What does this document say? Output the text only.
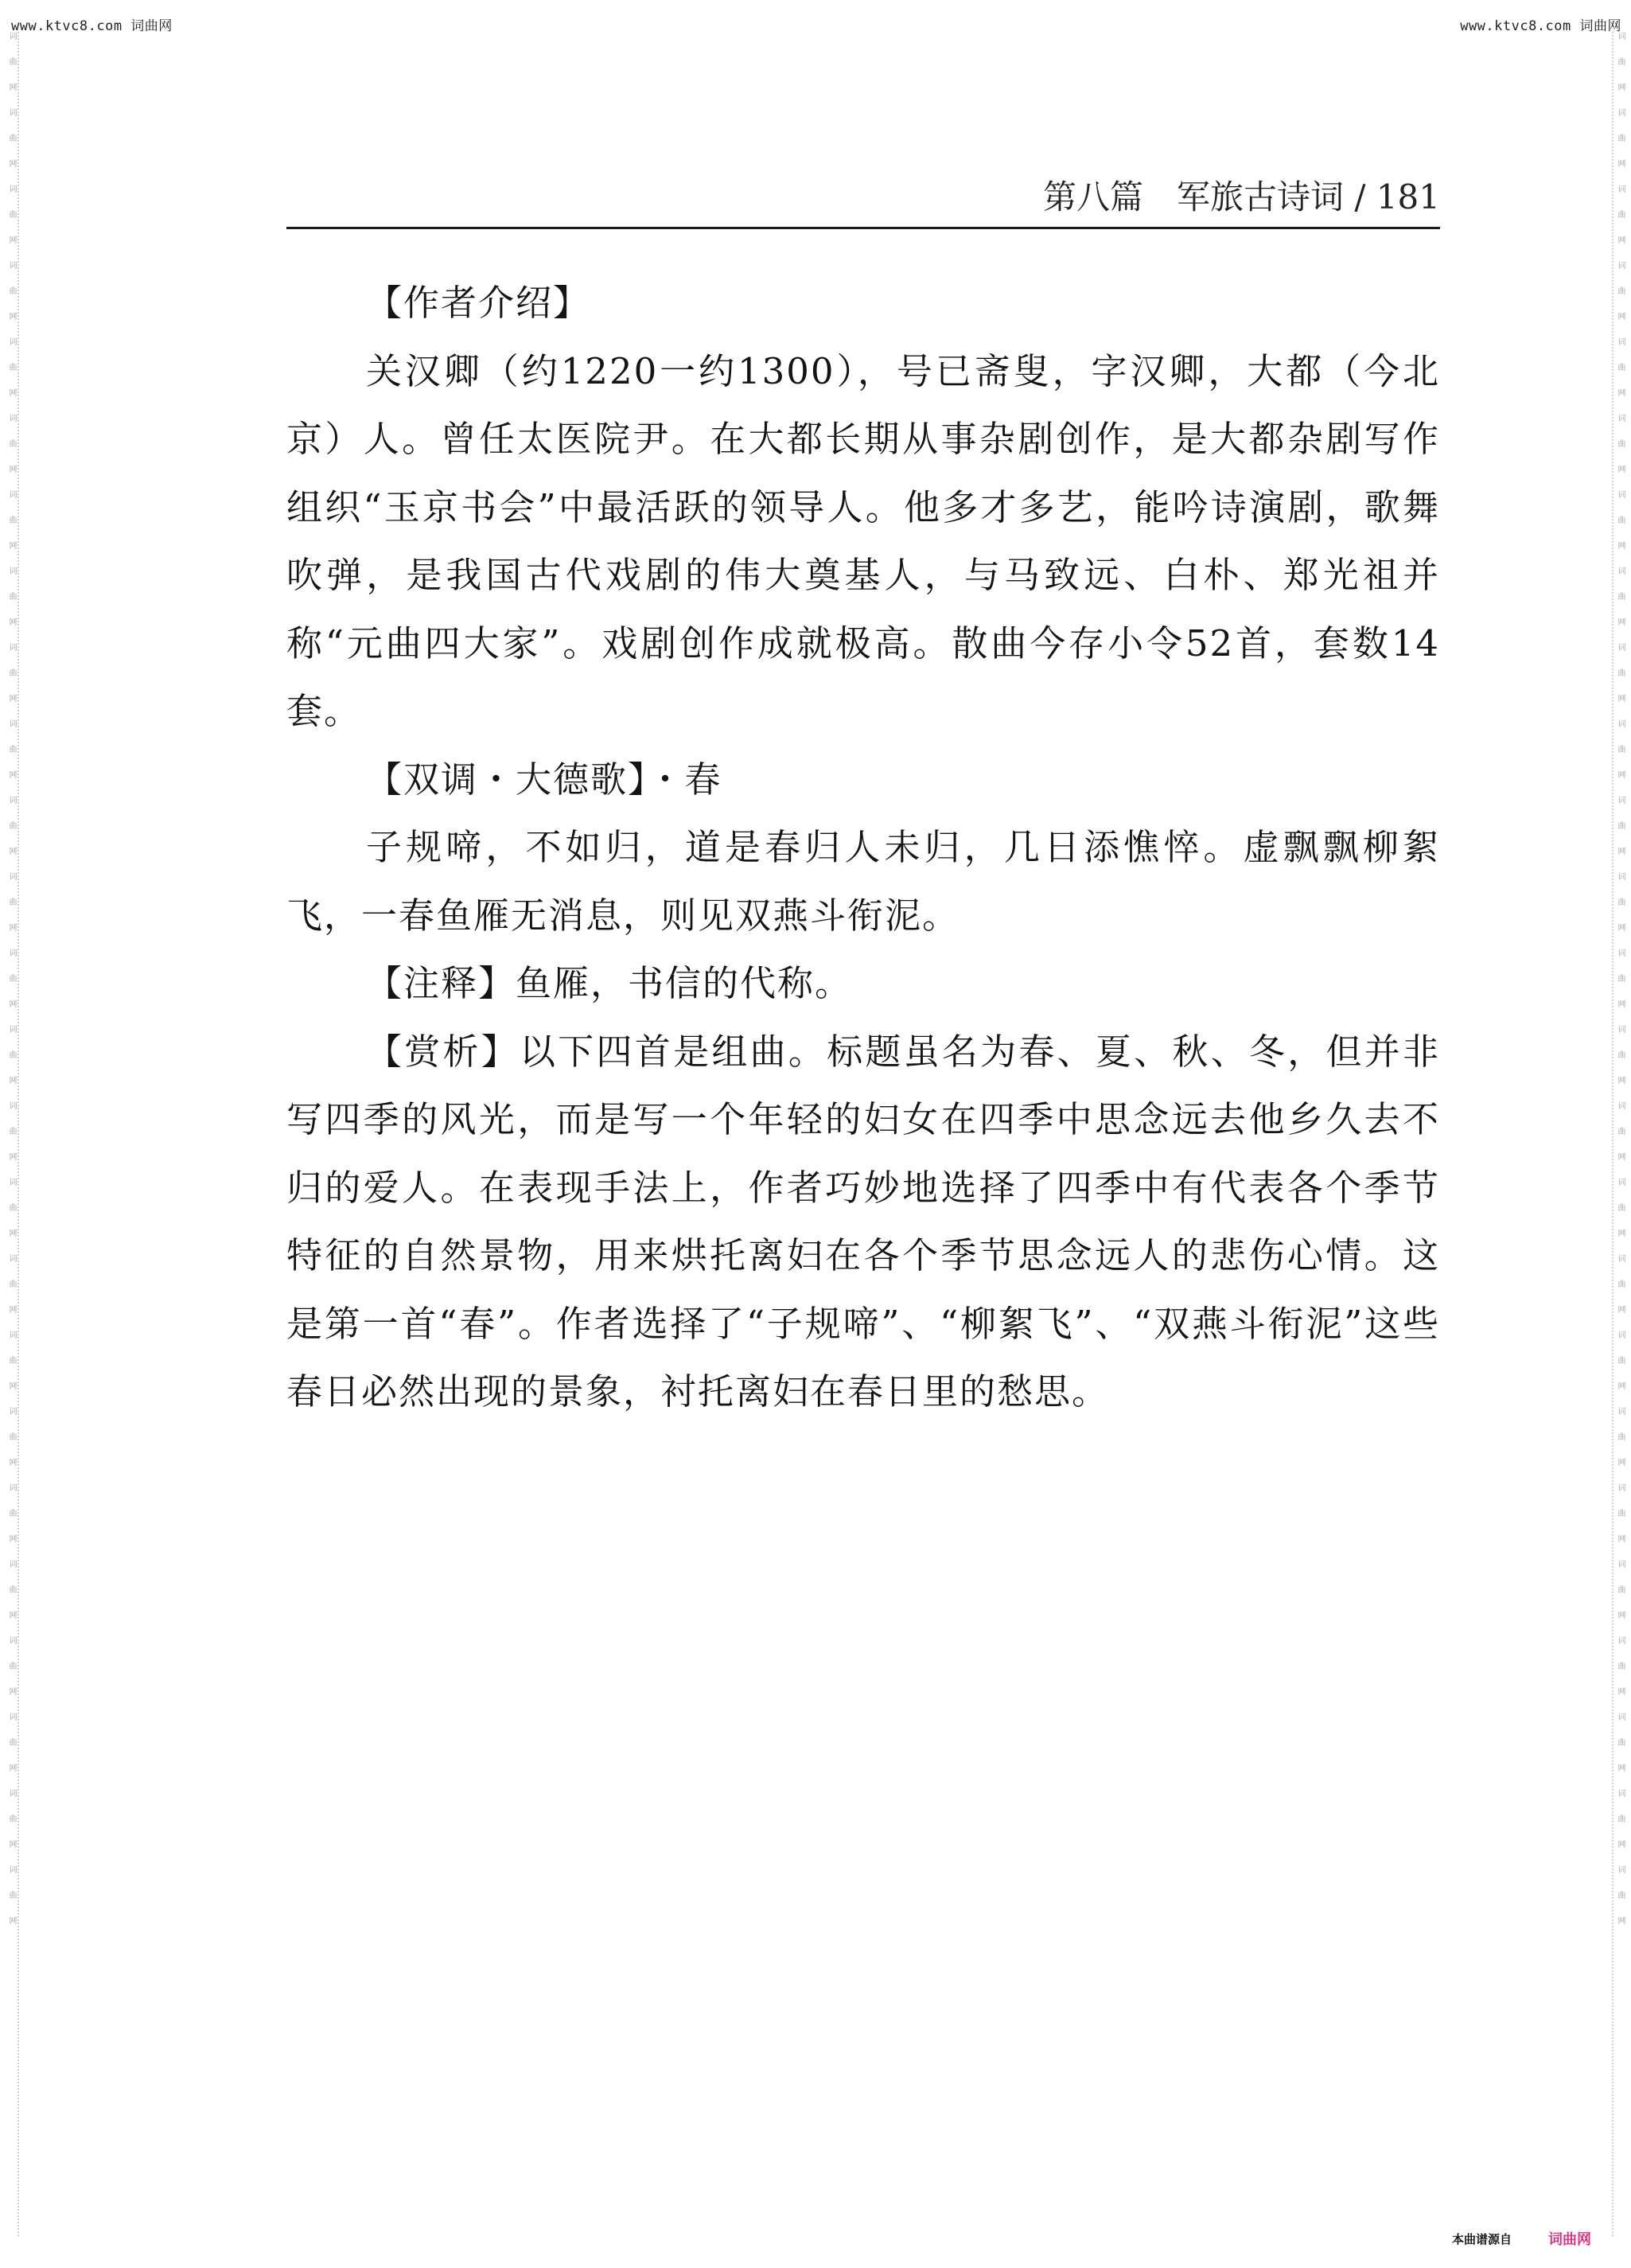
www.ktvc8.com 词曲网	www.ktvc8.com 词曲网
词曲网词曲网词曲网词曲网词曲网词曲网词曲网词曲网词曲网词曲网词曲网词曲网词曲网词曲网词曲网词曲网词曲网词曲网词曲网词曲网词曲网词曲网词曲网词曲网词曲网	词曲网词曲网词曲网词曲网词曲网词曲网词曲网词曲网词曲网词曲网词曲网词曲网词曲网词曲网词曲网词曲网词曲网词曲网词曲网词曲网词曲网词曲网词曲网词曲网词曲网
第八篇　军旅古诗词 / 181

【作者介绍】

关汉卿（约1220一约1300），号已斋叟，字汉卿，大都（今北京）人。曾任太医院尹。在大都长期从事杂剧创作，是大都杂剧写作组织“玉京书会”中最活跃的领导人。他多才多艺，能吟诗演剧，歌舞吹弹，是我国古代戏剧的伟大奠基人，与马致远、白朴、郑光祖并称“元曲四大家”。戏剧创作成就极高。散曲今存小令52首，套数14套。

【双调・大德歌】・春

子规啼，不如归，道是春归人未归，几日添憔悴。虚飘飘柳絮飞，一春鱼雁无消息，则见双燕斗衔泥。

【注释】鱼雁，书信的代称。

【赏析】以下四首是组曲。标题虽名为春、夏、秋、冬，但并非写四季的风光，而是写一个年轻的妇女在四季中思念远去他乡久去不归的爱人。在表现手法上，作者巧妙地选择了四季中有代表各个季节特征的自然景物，用来烘托离妇在各个季节思念远人的悲伤心情。这是第一首“春”。作者选择了“子规啼”、“柳絮飞”、“双燕斗衔泥”这些春日必然出现的景象，衬托离妇在春日里的愁思。

本曲谱源自	词曲网
